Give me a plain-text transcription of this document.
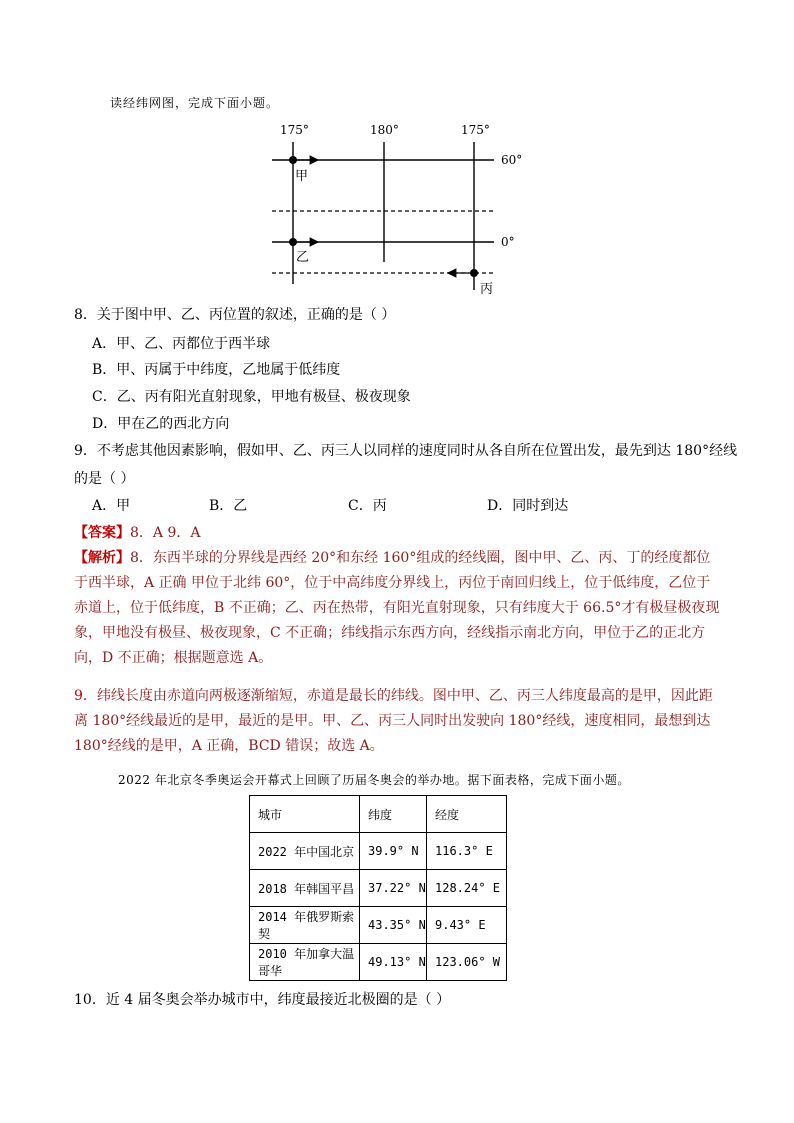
读经纬网图，完成下面小题。
175°	180°	175°
60°
0°
甲
乙
丙
8．关于图中甲、乙、丙位置的叙述，正确的是（ ）
A．甲、乙、丙都位于西半球
B．甲、丙属于中纬度，乙地属于低纬度
C．乙、丙有阳光直射现象，甲地有极昼、极夜现象
D．甲在乙的西北方向
9．不考虑其他因素影响，假如甲、乙、丙三人以同样的速度同时从各自所在位置出发，最先到达 180°经线
的是（ ）
A．甲	B．乙	C．丙	D．同时到达
【答案】8．A 9．A
【解析】8．东西半球的分界线是西经 20°和东经 160°组成的经线圈，图中甲、乙、丙、丁的经度都位于西半球，A 正确 甲位于北纬 60°，位于中高纬度分界线上，丙位于南回归线上，位于低纬度，乙位于赤道上，位于低纬度，B 不正确；乙、丙在热带，有阳光直射现象，只有纬度大于 66.5°才有极昼极夜现象，甲地没有极昼、极夜现象，C 不正确；纬线指示东西方向，经线指示南北方向，甲位于乙的正北方向，D 不正确；根据题意选 A。
9．纬线长度由赤道向两极逐渐缩短，赤道是最长的纬线。图中甲、乙、丙三人纬度最高的是甲，因此距离 180°经线最近的是甲，最近的是甲。甲、乙、丙三人同时出发驶向 180°经线，速度相同，最想到达 180°经线的是甲，A 正确，BCD 错误；故选 A。
2022 年北京冬季奥运会开幕式上回顾了历届冬奥会的举办地。据下面表格，完成下面小题。
城市	纬度	经度
2022 年中国北京	39.9° N	116.3° E
2018 年韩国平昌	37.22° N	128.24° E
2014 年俄罗斯索契	43.35° N	9.43° E
2010 年加拿大温哥华	49.13° N	123.06° W
10．近 4 届冬奥会举办城市中，纬度最接近北极圈的是（ ）
